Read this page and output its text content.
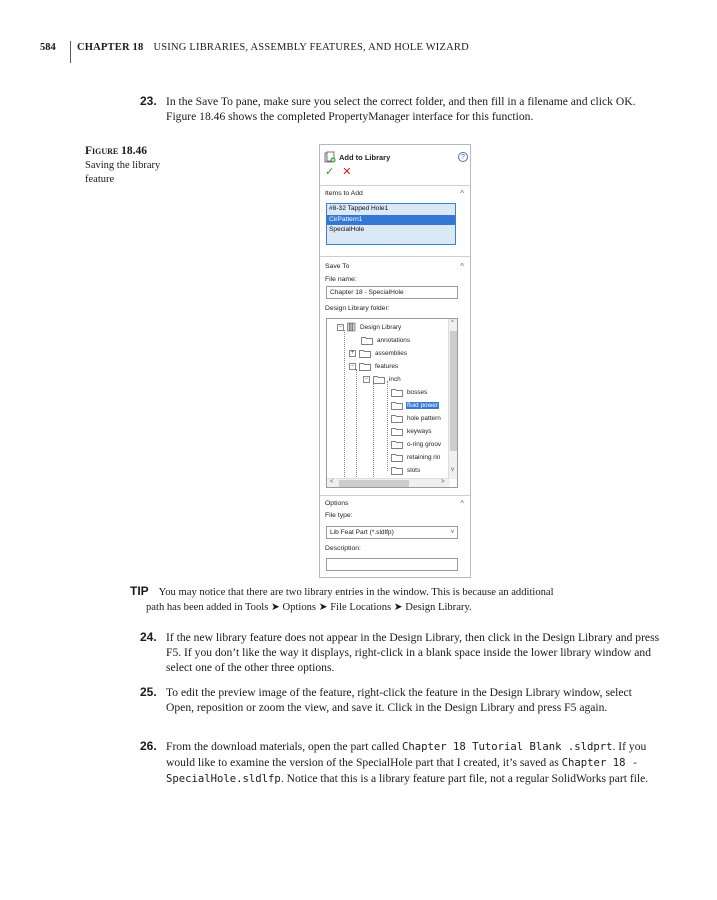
584	CHAPTER 18 USING LIBRARIES, ASSEMBLY FEATURES, AND HOLE WIZARD
23. In the Save To pane, make sure you select the correct folder, and then fill in a filename and click OK. Figure 18.46 shows the completed PropertyManager interface for this function.
Figure 18.46
Saving the library feature
Add to Library	?
✓ ✕
Items to Add	^
#8-32 Tapped Hole1
CirPattern1
SpecialHole
°
Save To	^
File name:
Chapter 18 - SpecialHole
Design Library folder:
−	Design Library
annotations
+	assemblies
−	features
−	inch
bosses
fluid power
hole pattern
keyways
o-ring groov
retaining rin
slots
^
v
<	>
Options	^
File type:
Lib Feat Part (*.sldlfp)	v
Description:
TIP You may notice that there are two library entries in the window. This is because an additional
path has been added in Tools ➤ Options ➤ File Locations ➤ Design Library.
24. If the new library feature does not appear in the Design Library, then click in the Design Library and press F5. If you don’t like the way it displays, right-click in a blank space inside the lower library window and select one of the other three options.
25. To edit the preview image of the feature, right-click the feature in the Design Library window, select Open, reposition or zoom the view, and save it. Click in the Design Library and press F5 again.
26. From the download materials, open the part called Chapter 18 Tutorial Blank .sldprt. If you would like to examine the version of the SpecialHole part that I created, it’s saved as Chapter 18 - SpecialHole.sldlfp. Notice that this is a library feature part file, not a regular SolidWorks part file.
